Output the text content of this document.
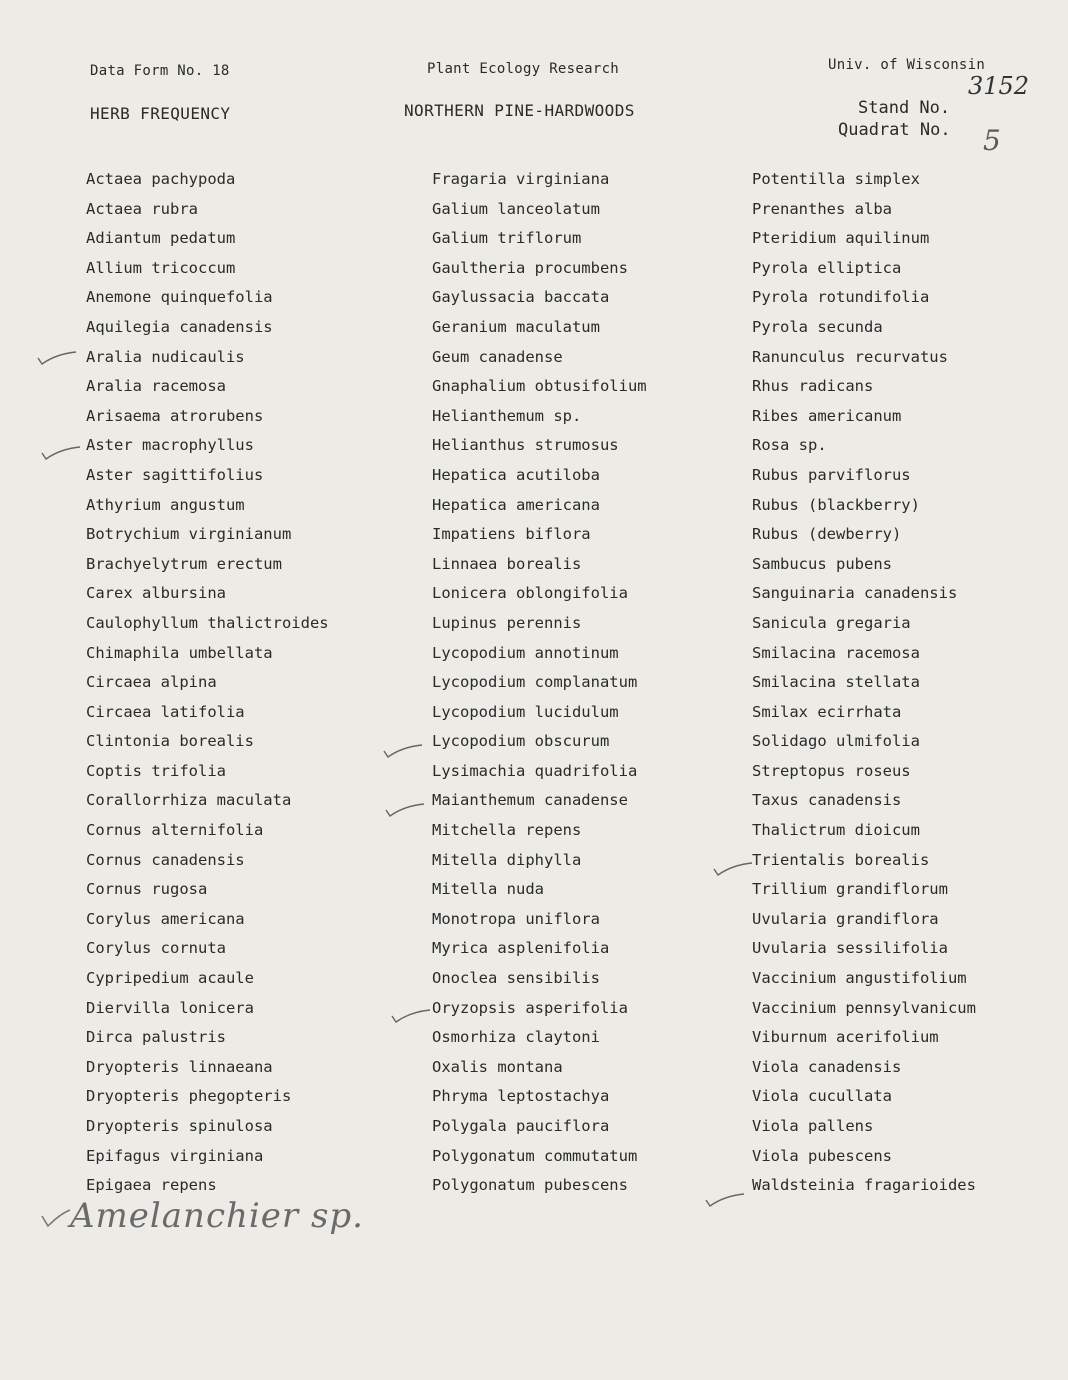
Data Form No. 18	Plant Ecology Research	Univ. of Wisconsin
HERB FREQUENCY	NORTHERN PINE-HARDWOODS	Stand No.
Quadrat No.
3152
5
Actaea pachypoda
Actaea rubra
Adiantum pedatum
Allium tricoccum
Anemone quinquefolia
Aquilegia canadensis
Aralia nudicaulis
Aralia racemosa
Arisaema atrorubens
Aster macrophyllus
Aster sagittifolius
Athyrium angustum
Botrychium virginianum
Brachyelytrum erectum
Carex albursina
Caulophyllum thalictroides
Chimaphila umbellata
Circaea alpina
Circaea latifolia
Clintonia borealis
Coptis trifolia
Corallorrhiza maculata
Cornus alternifolia
Cornus canadensis
Cornus rugosa
Corylus americana
Corylus cornuta
Cypripedium acaule
Diervilla lonicera
Dirca palustris
Dryopteris linnaeana
Dryopteris phegopteris
Dryopteris spinulosa
Epifagus virginiana
Epigaea repens
Fragaria virginiana
Galium lanceolatum
Galium triflorum
Gaultheria procumbens
Gaylussacia baccata
Geranium maculatum
Geum canadense
Gnaphalium obtusifolium
Helianthemum sp.
Helianthus strumosus
Hepatica acutiloba
Hepatica americana
Impatiens biflora
Linnaea borealis
Lonicera oblongifolia
Lupinus perennis
Lycopodium annotinum
Lycopodium complanatum
Lycopodium lucidulum
Lycopodium obscurum
Lysimachia quadrifolia
Maianthemum canadense
Mitchella repens
Mitella diphylla
Mitella nuda
Monotropa uniflora
Myrica asplenifolia
Onoclea sensibilis
Oryzopsis asperifolia
Osmorhiza claytoni
Oxalis montana
Phryma leptostachya
Polygala pauciflora
Polygonatum commutatum
Polygonatum pubescens
Potentilla simplex
Prenanthes alba
Pteridium aquilinum
Pyrola elliptica
Pyrola rotundifolia
Pyrola secunda
Ranunculus recurvatus
Rhus radicans
Ribes americanum
Rosa sp.
Rubus parviflorus
Rubus (blackberry)
Rubus (dewberry)
Sambucus pubens
Sanguinaria canadensis
Sanicula gregaria
Smilacina racemosa
Smilacina stellata
Smilax ecirrhata
Solidago ulmifolia
Streptopus roseus
Taxus canadensis
Thalictrum dioicum
Trientalis borealis
Trillium grandiflorum
Uvularia grandiflora
Uvularia sessilifolia
Vaccinium angustifolium
Vaccinium pennsylvanicum
Viburnum acerifolium
Viola canadensis
Viola cucullata
Viola pallens
Viola pubescens
Waldsteinia fragarioides
Amelanchier sp.
